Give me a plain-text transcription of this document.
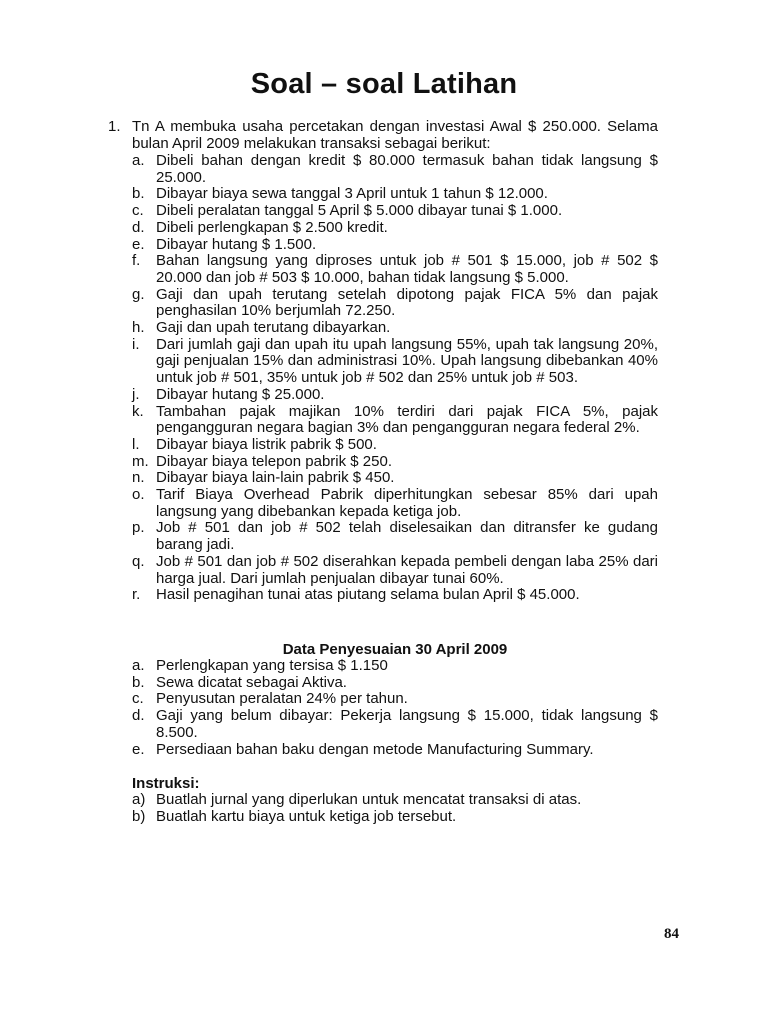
Soal – soal Latihan
1. Tn A membuka usaha percetakan dengan investasi Awal $ 250.000. Selama bulan April 2009 melakukan transaksi sebagai berikut:
a. Dibeli bahan dengan kredit $ 80.000 termasuk bahan tidak langsung $ 25.000.
b. Dibayar biaya sewa tanggal 3 April untuk 1 tahun $ 12.000.
c. Dibeli peralatan tanggal 5 April $ 5.000 dibayar tunai $ 1.000.
d. Dibeli perlengkapan $ 2.500 kredit.
e. Dibayar hutang $ 1.500.
f. Bahan langsung yang diproses untuk job # 501 $ 15.000, job # 502 $ 20.000 dan job # 503 $ 10.000, bahan tidak langsung $ 5.000.
g. Gaji dan upah terutang setelah dipotong pajak FICA 5% dan pajak penghasilan 10% berjumlah 72.250.
h. Gaji dan upah terutang dibayarkan.
i. Dari jumlah gaji dan upah itu upah langsung 55%, upah tak langsung 20%, gaji penjualan 15% dan administrasi 10%. Upah langsung dibebankan 40% untuk job # 501, 35% untuk job # 502 dan 25% untuk job # 503.
j. Dibayar hutang $ 25.000.
k. Tambahan pajak majikan 10% terdiri dari pajak FICA 5%, pajak pengangguran negara bagian 3% dan pengangguran negara federal 2%.
l. Dibayar biaya listrik pabrik $ 500.
m. Dibayar biaya telepon pabrik $ 250.
n. Dibayar biaya lain-lain pabrik $ 450.
o. Tarif Biaya Overhead Pabrik diperhitungkan sebesar 85% dari upah langsung yang dibebankan kepada ketiga job.
p. Job # 501 dan job # 502 telah diselesaikan dan ditransfer ke gudang barang jadi.
q. Job # 501 dan job # 502 diserahkan kepada pembeli dengan laba 25% dari harga jual. Dari jumlah penjualan dibayar tunai 60%.
r. Hasil penagihan tunai atas piutang selama bulan April $ 45.000.
Data Penyesuaian 30 April 2009
a. Perlengkapan yang tersisa $ 1.150
b. Sewa dicatat sebagai Aktiva.
c. Penyusutan peralatan 24% per tahun.
d. Gaji yang belum dibayar: Pekerja langsung $ 15.000, tidak langsung $ 8.500.
e. Persediaan bahan baku dengan metode Manufacturing Summary.
Instruksi:
a) Buatlah jurnal yang diperlukan untuk mencatat transaksi di atas.
b) Buatlah kartu biaya untuk ketiga job tersebut.
84
